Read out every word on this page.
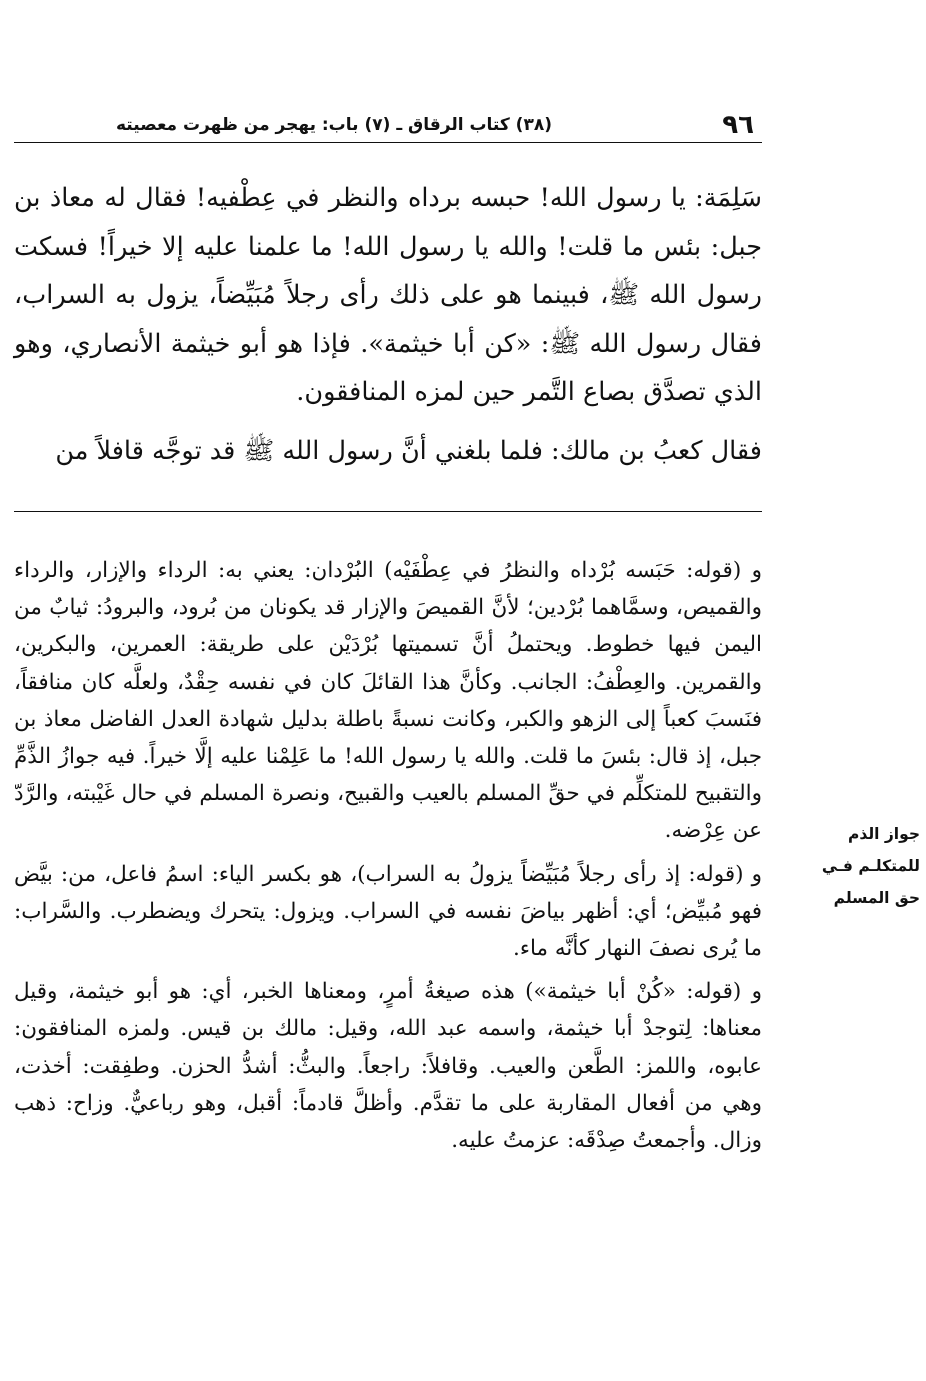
٩٦
(٣٨) كتاب الرقاق ـ (٧) باب: يهجر من ظهرت معصيته

سَلِمَة: يا رسول الله! حبسه برداه والنظر في عِطْفيه! فقال له معاذ بن جبل: بئس ما قلت! والله يا رسول الله! ما علمنا عليه إلا خيراً! فسكت رسول الله ﷺ، فبينما هو على ذلك رأى رجلاً مُبَيِّضاً، يزول به السراب، فقال رسول الله ﷺ: «كن أبا خيثمة». فإذا هو أبو خيثمة الأنصاري، وهو الذي تصدَّق بصاع التَّمر حين لمزه المنافقون.

فقال كعبُ بن مالك: فلما بلغني أنَّ رسول الله ﷺ قد توجَّه قافلاً من

و (قوله: حَبَسه بُرْداه والنظرُ في عِطْفَيْه) البُرْدان: يعني به: الرداء والإزار، والرداء والقميص، وسمَّاهما بُرْدين؛ لأنَّ القميصَ والإزار قد يكونان من بُرود، والبرودُ: ثيابٌ من اليمن فيها خطوط. ويحتملُ أنَّ تسميتها بُرْدَيْن على طريقة: العمرين، والبكرين، والقمرين. والعِطْفُ: الجانب. وكأنَّ هذا القائلَ كان في نفسه حِقْدٌ، ولعلَّه كان منافقاً، فنَسبَ كعباً إلى الزهو والكبر، وكانت نسبةً باطلة بدليل شهادة العدل الفاضل معاذ بن جبل، إذ قال: بئسَ ما قلت. والله يا رسول الله! ما عَلِمْنا عليه إلَّا خيراً. فيه جوازُ الذَّمِّ والتقبيح للمتكلِّم في حقِّ المسلم بالعيب والقبيح، ونصرة المسلم في حال غَيْبته، والرَّدّ عن عِرْضه.

و (قوله: إذ رأى رجلاً مُبَيِّضاً يزولُ به السراب)، هو بكسر الياء: اسمُ فاعل، من: بيَّض فهو مُبيِّض؛ أي: أظهر بياضَ نفسه في السراب. ويزول: يتحرك ويضطرب. والسَّراب: ما يُرى نصفَ النهار كأنَّه ماء.

و (قوله: «كُنْ أبا خيثمة») هذه صيغةُ أمرٍ، ومعناها الخبر، أي: هو أبو خيثمة، وقيل معناها: لِتوجدْ أبا خيثمة، واسمه عبد الله، وقيل: مالك بن قيس. ولمزه المنافقون: عابوه، واللمز: الطَّعن والعيب. وقافلاً: راجعاً. والبثُّ: أشدُّ الحزن. وطفِقت: أخذت، وهي من أفعال المقاربة على ما تقدَّم. وأظلَّ قادماً: أقبل، وهو رباعيٌّ. وزاح: ذهب وزال. وأجمعتُ صِدْقَه: عزمتُ عليه.

جواز الذم
للمتكلـم فـي
حق المسلم
